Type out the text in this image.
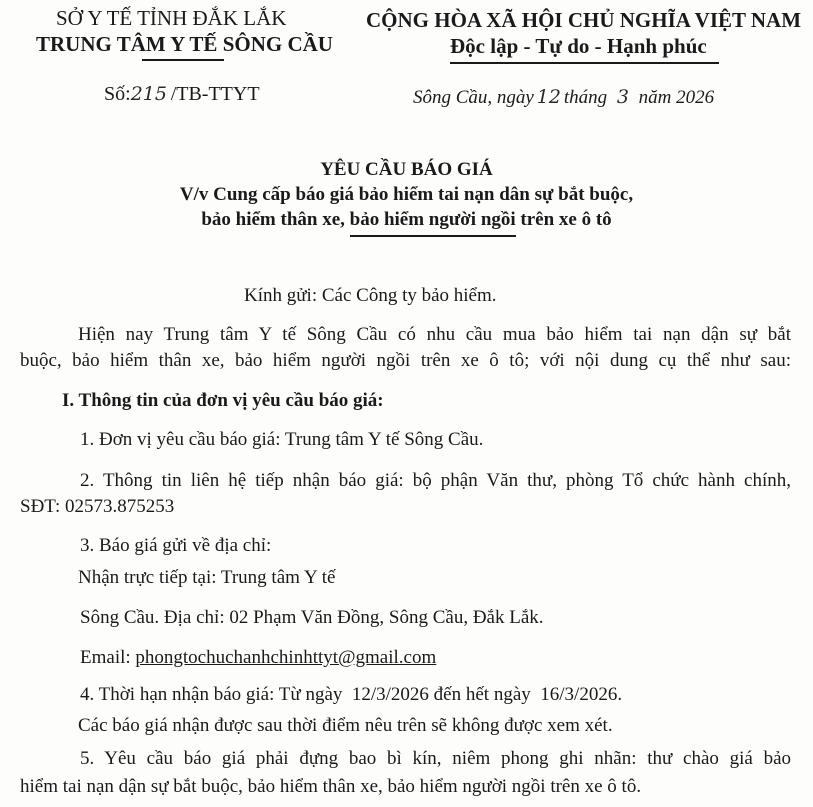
SỞ Y TẾ TỈNH ĐẮK LẮK
TRUNG TÂM Y TẾ SÔNG CẦU
Số:215 /TB-TTYT
CỘNG HÒA XÃ HỘI CHỦ NGHĨA VIỆT NAM
Độc lập - Tự do - Hạnh phúc
Sông Cầu, ngày 12 tháng 3 năm 2026
YÊU CẦU BÁO GIÁ
V/v Cung cấp báo giá bảo hiểm tai nạn dân sự bắt buộc,
bảo hiểm thân xe, bảo hiểm người ngồi trên xe ô tô
Kính gửi: Các Công ty bảo hiểm.
Hiện nay Trung tâm Y tế Sông Cầu có nhu cầu mua bảo hiểm tai nạn dận sự bắt
buộc, bảo hiểm thân xe, bảo hiểm người ngồi trên xe ô tô; với nội dung cụ thể như sau:
I. Thông tin của đơn vị yêu cầu báo giá:
1. Đơn vị yêu cầu báo giá: Trung tâm Y tế Sông Cầu.
2. Thông tin liên hệ tiếp nhận báo giá: bộ phận Văn thư, phòng Tổ chức hành chính,
SĐT: 02573.875253
3. Báo giá gửi về địa chỉ:
Nhận trực tiếp tại: Trung tâm Y tế
Sông Cầu. Địa chỉ: 02 Phạm Văn Đồng, Sông Cầu, Đắk Lắk.
Email: phongtochuchanhchinhttyt@gmail.com
4. Thời hạn nhận báo giá: Từ ngày  12/3/2026 đến hết ngày  16/3/2026.
Các báo giá nhận được sau thời điểm nêu trên sẽ không được xem xét.
5. Yêu cầu báo giá phải đựng bao bì kín, niêm phong ghi nhãn: thư chào giá bảo
hiểm tai nạn dận sự bắt buộc, bảo hiểm thân xe, bảo hiểm người ngồi trên xe ô tô.
